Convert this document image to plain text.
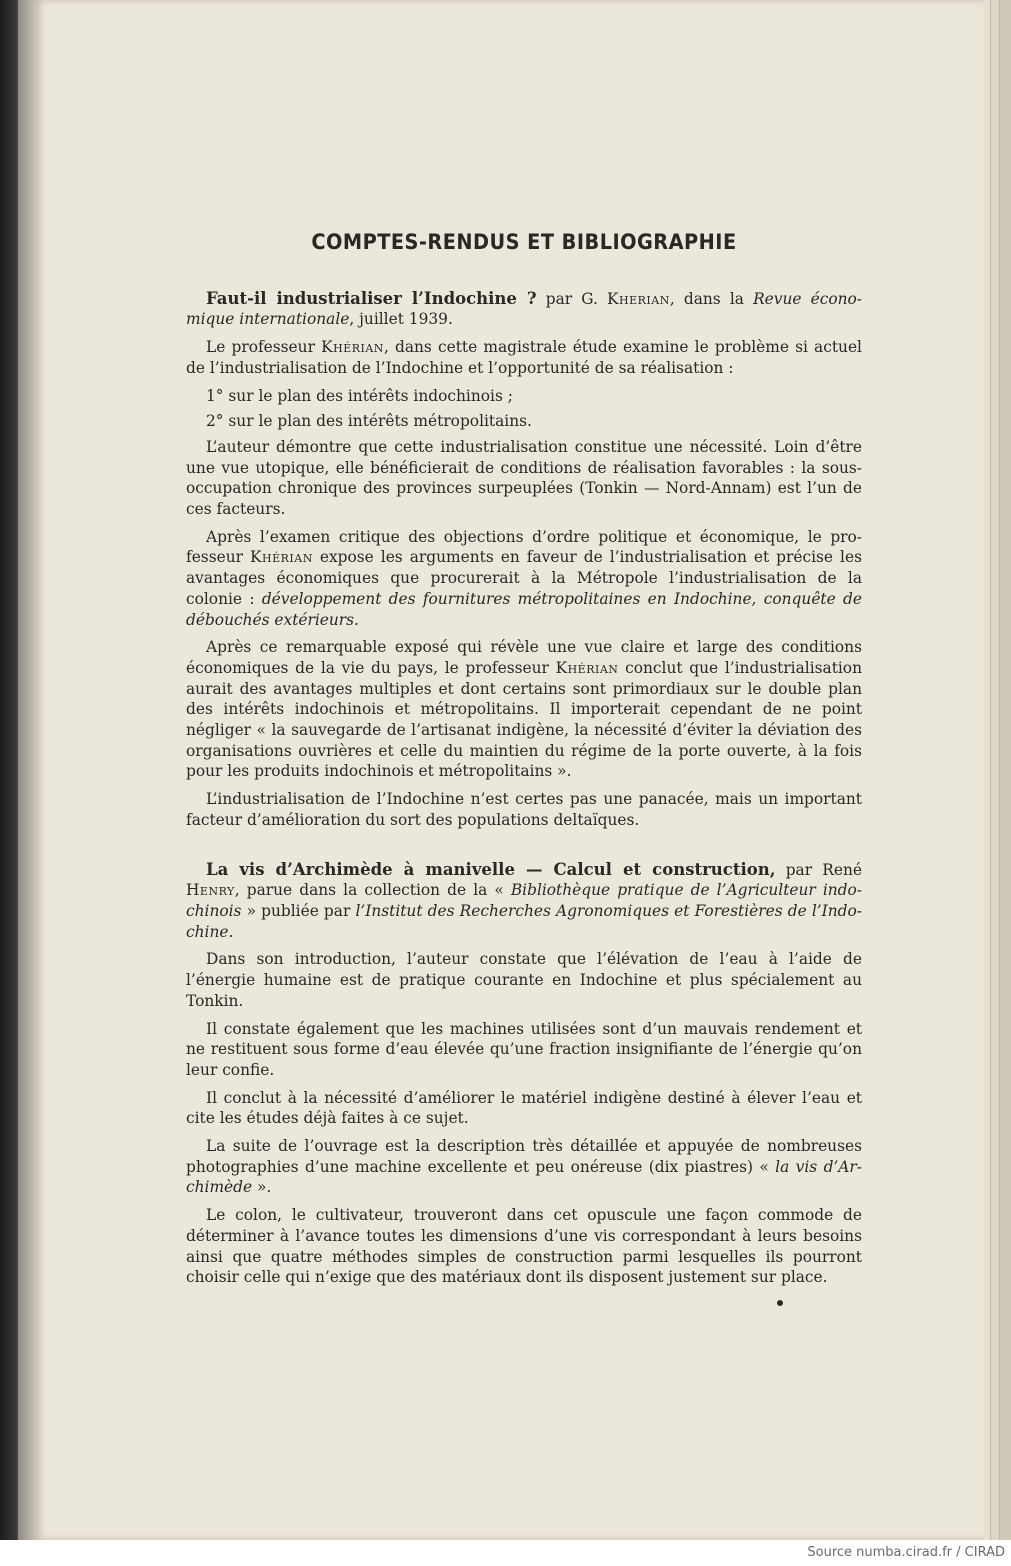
COMPTES-RENDUS ET BIBLIOGRAPHIE

Faut-il industrialiser l’Indochine ? par G. Kherian, dans la Revue économique internationale, juillet 1939.

Le professeur Khérian, dans cette magistrale étude examine le problème si actuel de l’industrialisation de l’Indochine et l’opportunité de sa réalisation :

1° sur le plan des intérêts indochinois ;

2° sur le plan des intérêts métropolitains.

L’auteur démontre que cette industrialisation constitue une nécessité. Loin d’être une vue utopique, elle bénéficierait de conditions de réalisation favorables : la sous-occupation chronique des provinces surpeuplées (Tonkin — Nord-Annam) est l’un de ces facteurs.

Après l’examen critique des objections d’ordre politique et économique, le professeur Khérian expose les arguments en faveur de l’industrialisation et précise les avantages économiques que procurerait à la Métropole l’industrialisation de la colonie : développement des fournitures métropolitaines en Indochine, conquête de débouchés extérieurs.

Après ce remarquable exposé qui révèle une vue claire et large des conditions économiques de la vie du pays, le professeur Khérian conclut que l’industrialisation aurait des avantages multiples et dont certains sont primordiaux sur le double plan des intérêts indochinois et métropolitains. Il importerait cependant de ne point négliger « la sauvegarde de l’artisanat indigène, la nécessité d’éviter la déviation des organisations ouvrières et celle du maintien du régime de la porte ouverte, à la fois pour les produits indochinois et métropolitains ».

L’industrialisation de l’Indochine n’est certes pas une panacée, mais un important facteur d’amélioration du sort des populations deltaïques.

La vis d’Archimède à manivelle — Calcul et construction, par René Henry, parue dans la collection de la « Bibliothèque pratique de l’Agriculteur indochinois » publiée par l’Institut des Recherches Agronomiques et Forestières de l’Indochine.

Dans son introduction, l’auteur constate que l’élévation de l’eau à l’aide de l’énergie humaine est de pratique courante en Indochine et plus spécialement au Tonkin.

Il constate également que les machines utilisées sont d’un mauvais rendement et ne restituent sous forme d’eau élevée qu’une fraction insignifiante de l’énergie qu’on leur confie.

Il conclut à la nécessité d’améliorer le matériel indigène destiné à élever l’eau et cite les études déjà faites à ce sujet.

La suite de l’ouvrage est la description très détaillée et appuyée de nombreuses photographies d’une machine excellente et peu onéreuse (dix piastres) « la vis d’Archimède ».

Le colon, le cultivateur, trouveront dans cet opuscule une façon commode de déterminer à l’avance toutes les dimensions d’une vis correspondant à leurs besoins ainsi que quatre méthodes simples de construction parmi lesquelles ils pourront choisir celle qui n’exige que des matériaux dont ils disposent justement sur place.

Source numba.cirad.fr / CIRAD
